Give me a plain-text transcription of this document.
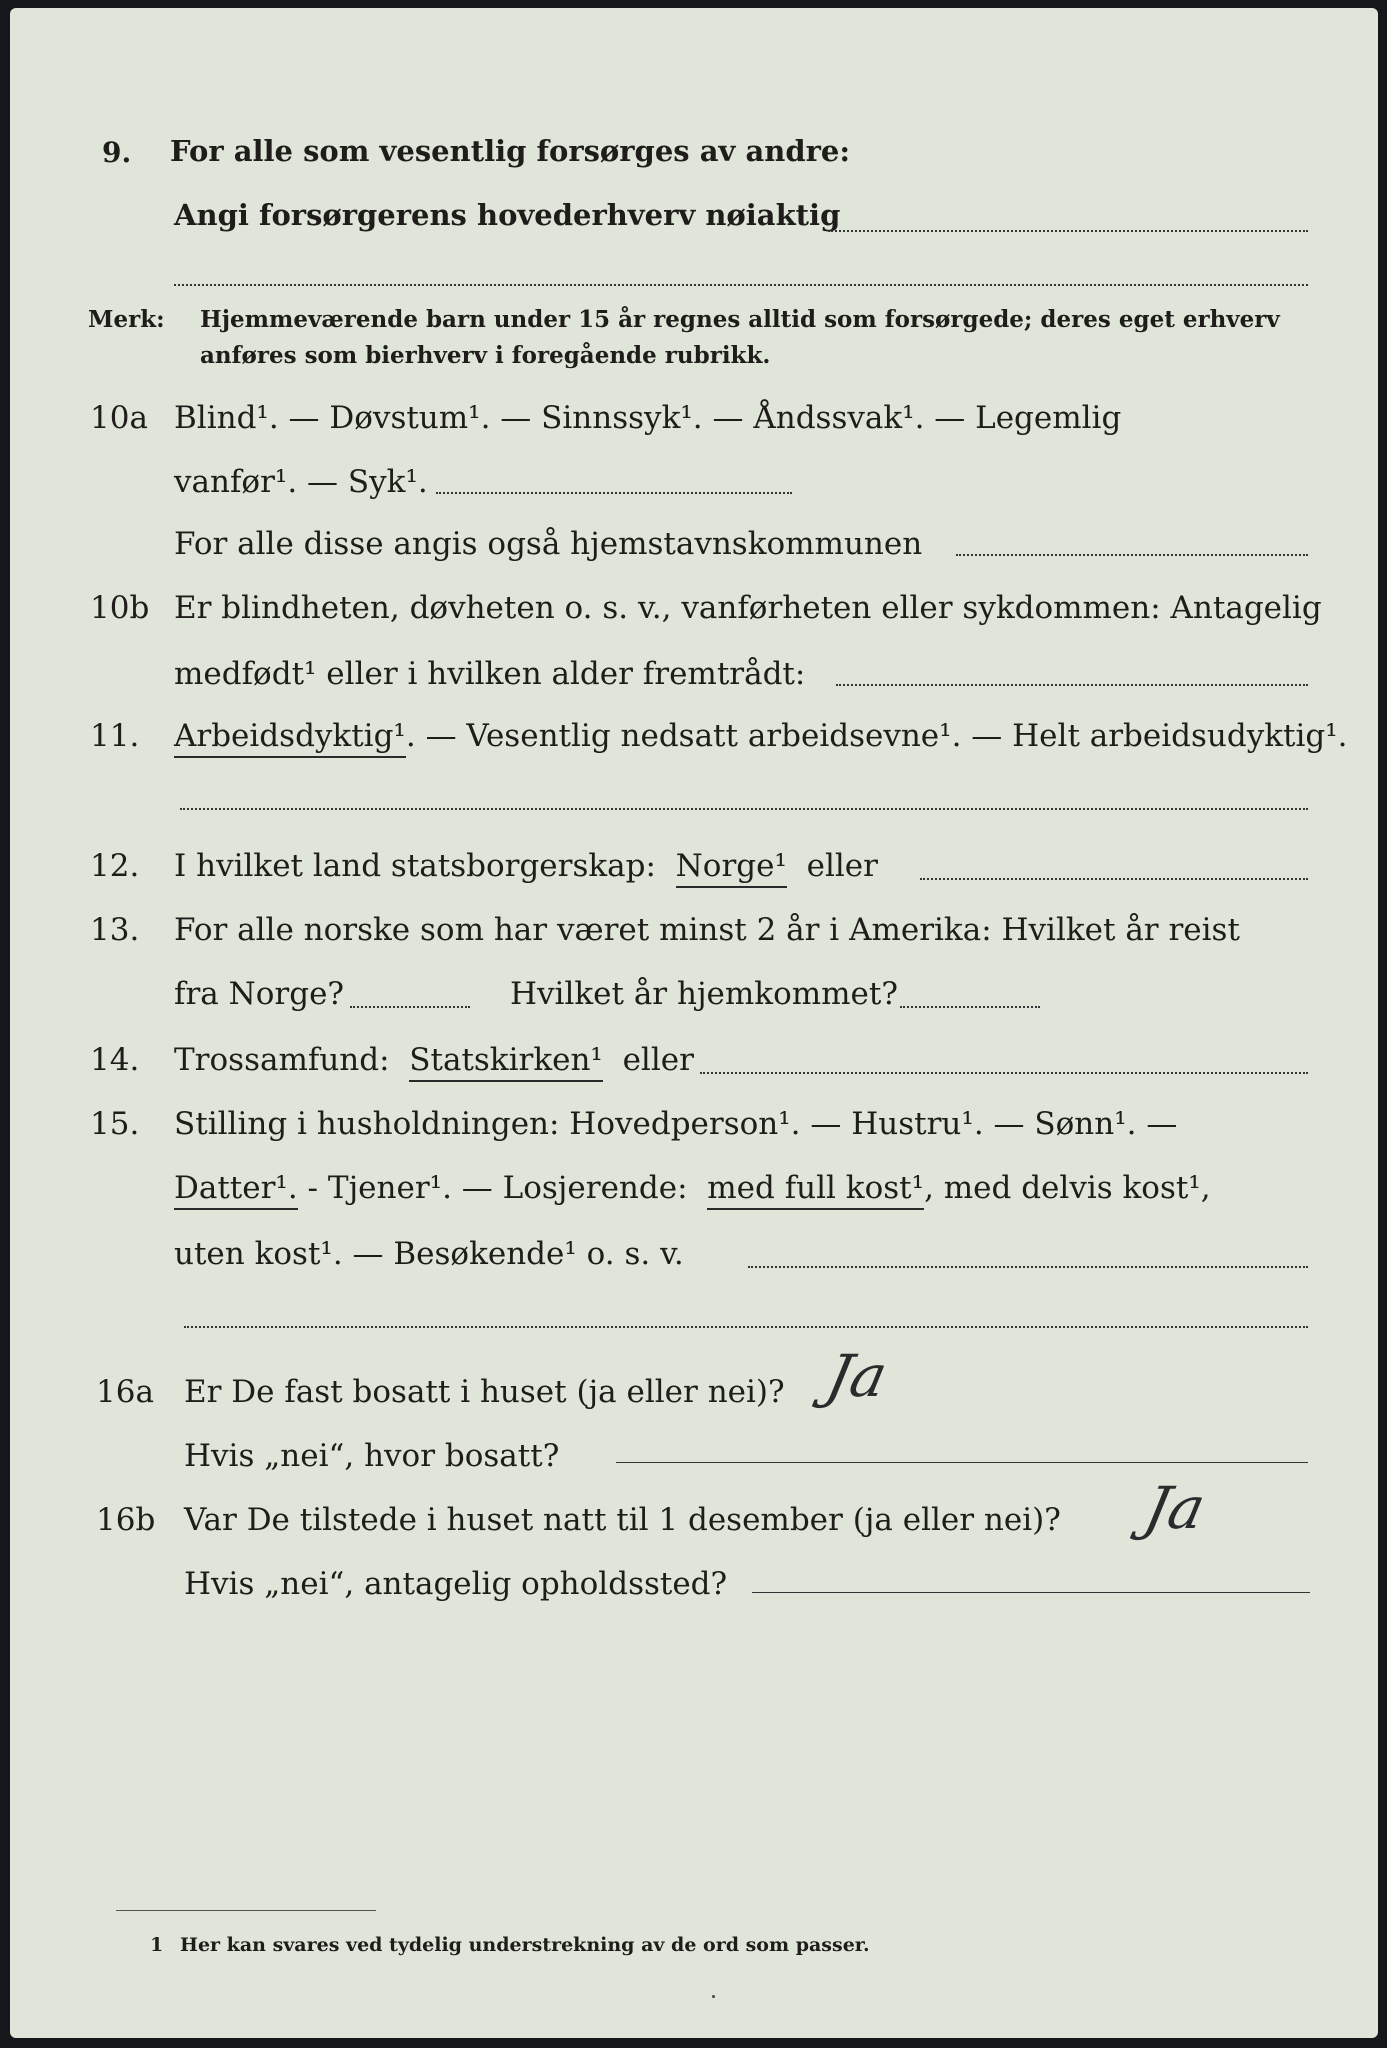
9. For alle som vesentlig forsørges av andre:
Angi forsørgerens hovederhverv nøiaktig
Merk: Hjemmeværende barn under 15 år regnes alltid som forsørgede; deres eget erhverv
anføres som bierhverv i foregående rubrikk.
10a Blind¹. — Døvstum¹. — Sinnssyk¹. — Åndssvak¹. — Legemlig
vanfør¹. — Syk¹.
For alle disse angis også hjemstavnskommunen
10b Er blindheten, døvheten o. s. v., vanførheten eller sykdommen: Antagelig
medfødt¹ eller i hvilken alder fremtrådt:
11. Arbeidsdyktig¹. — Vesentlig nedsatt arbeidsevne¹. — Helt arbeidsudyktig¹.
12. I hvilket land statsborgerskap: Norge¹ eller
13. For alle norske som har været minst 2 år i Amerika: Hvilket år reist
fra Norge?	Hvilket år hjemkommet?
14. Trossamfund: Statskirken¹ eller
15. Stilling i husholdningen: Hovedperson¹. — Hustru¹. — Sønn¹. —
Datter¹. - Tjener¹. — Losjerende: med full kost¹, med delvis kost¹,
uten kost¹. — Besøkende¹ o. s. v.
16a Er De fast bosatt i huset (ja eller nei)? Ja
Hvis „nei“, hvor bosatt?
16b Var De tilstede i huset natt til 1 desember (ja eller nei)? Ja
Hvis „nei“, antagelig opholdssted?
1 Her kan svares ved tydelig understrekning av de ord som passer.
